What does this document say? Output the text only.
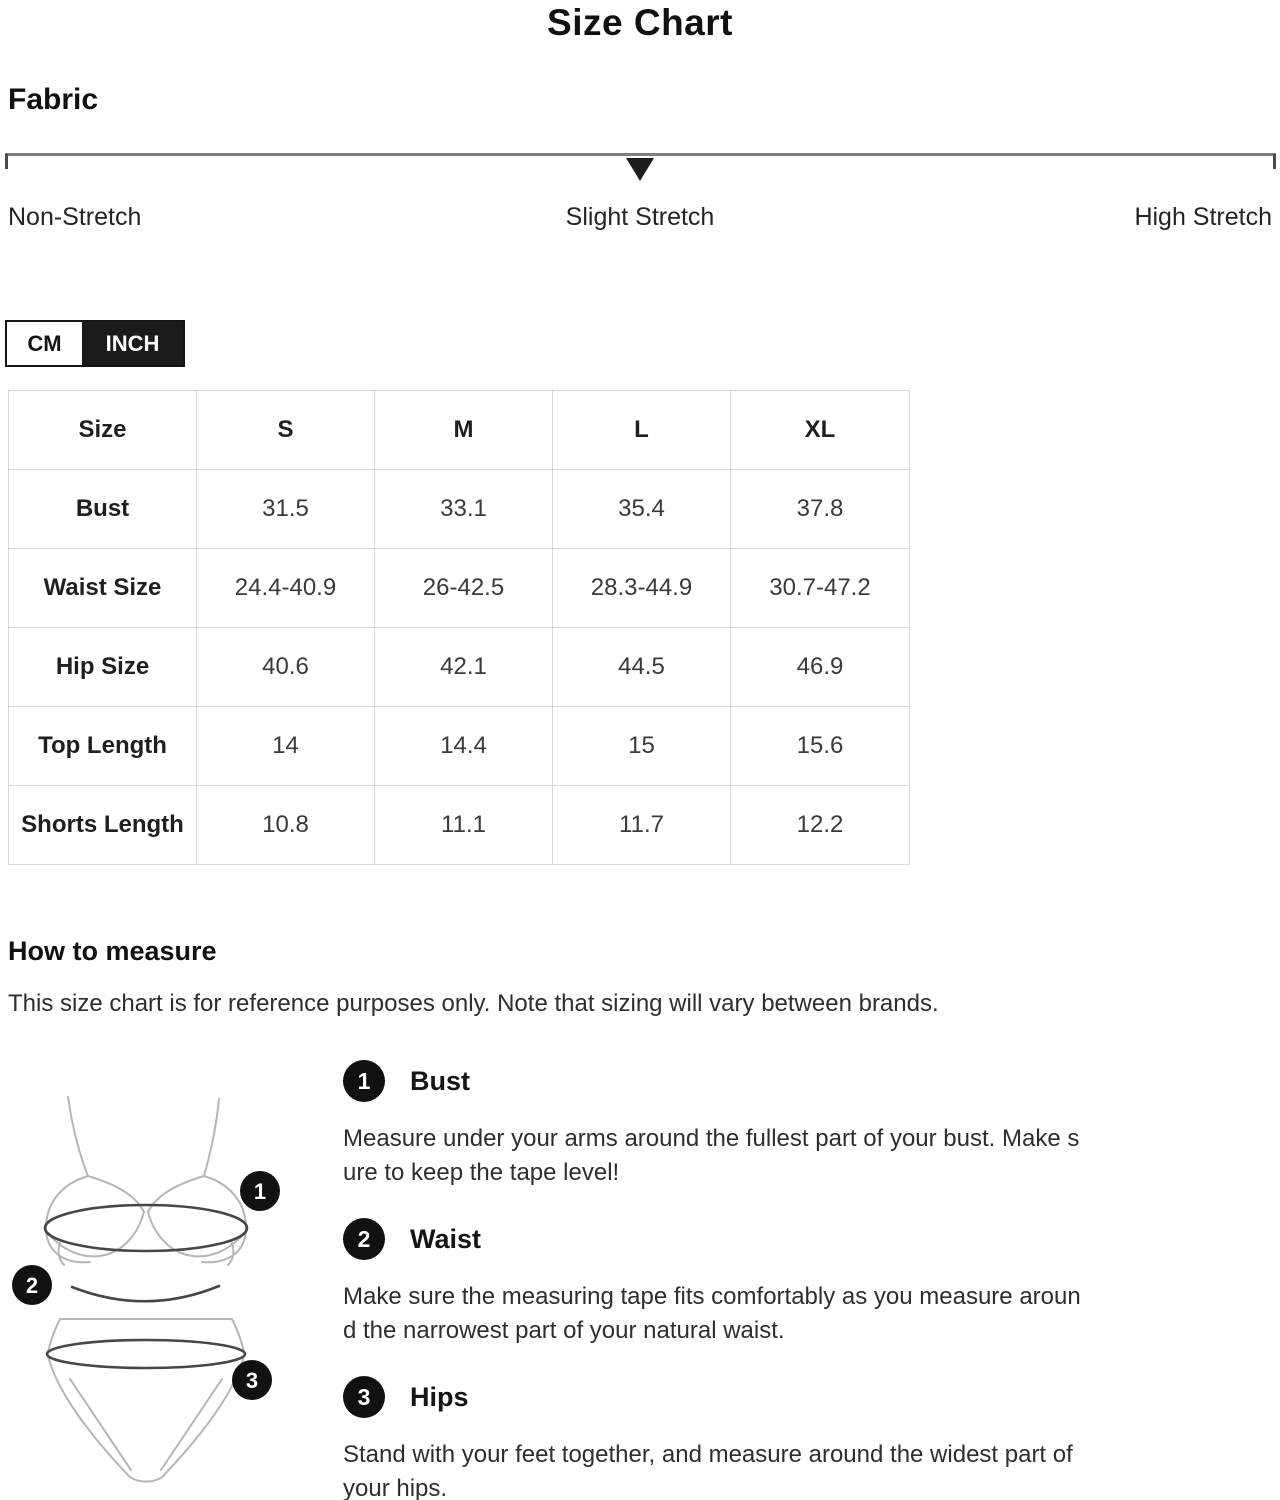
Size Chart
Fabric
Non-Stretch	Slight Stretch	High Stretch
CM	INCH
Size	S	M	L	XL
Bust	31.5	33.1	35.4	37.8
Waist Size	24.4-40.9	26-42.5	28.3-44.9	30.7-47.2
Hip Size	40.6	42.1	44.5	46.9
Top Length	14	14.4	15	15.6
Shorts Length	10.8	11.1	11.7	12.2
How to measure
This size chart is for reference purposes only. Note that sizing will vary between brands.
1
2
3
1	Bust
Measure under your arms around the fullest part of your bust. Make s
ure to keep the tape level!
2	Waist
Make sure the measuring tape fits comfortably as you measure aroun
d the narrowest part of your natural waist.
3	Hips
Stand with your feet together, and measure around the widest part of
your hips.
